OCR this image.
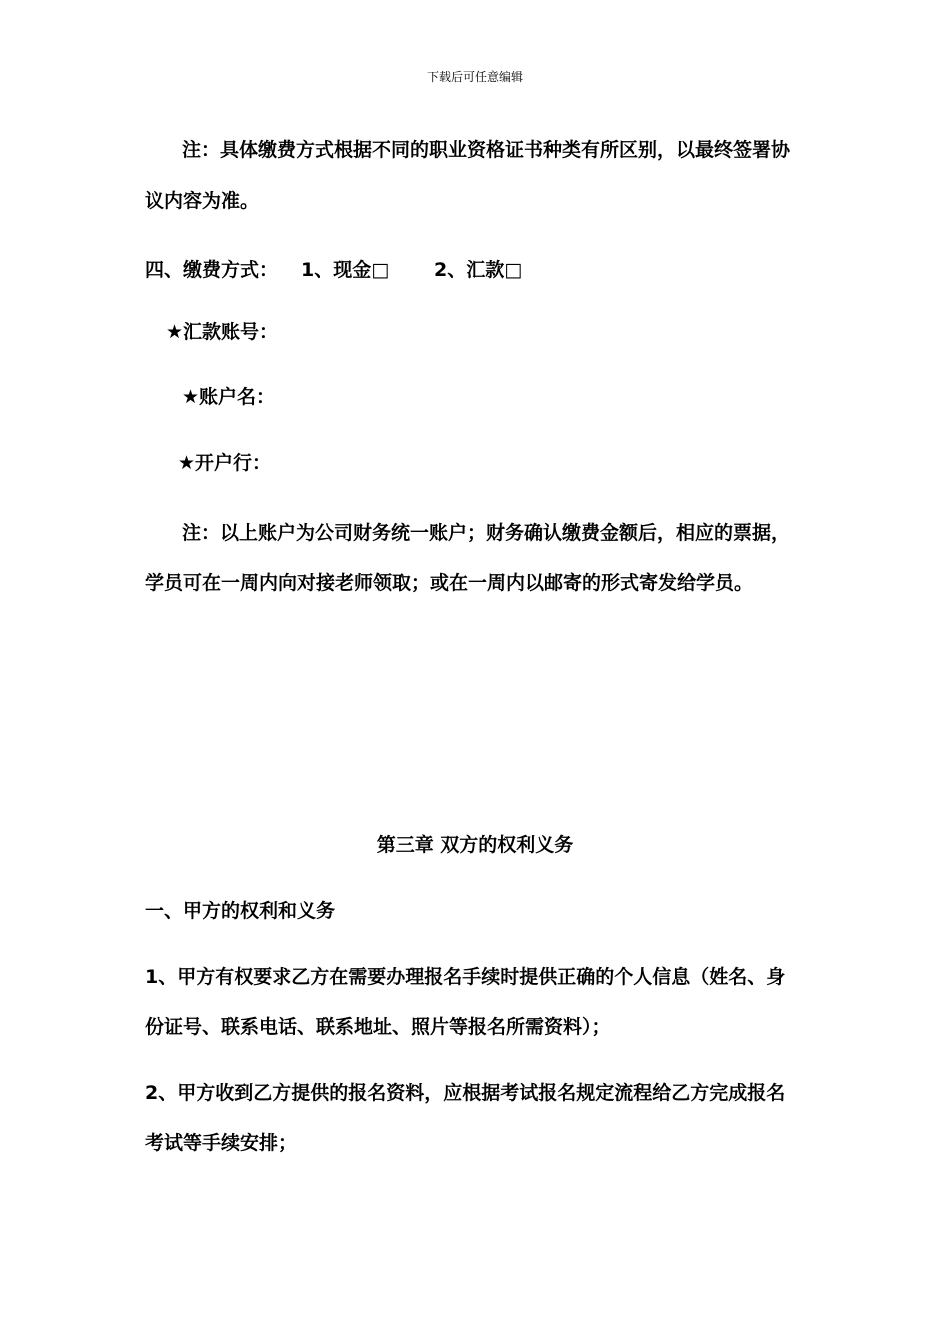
下载后可任意编辑
注：具体缴费方式根据不同的职业资格证书种类有所区别，以最终签署协
议内容为准。
四、缴费方式： 1、现金□ 2、汇款□
★汇款账号：
★账户名：
★开户行：
注：以上账户为公司财务统一账户；财务确认缴费金额后，相应的票据，
学员可在一周内向对接老师领取；或在一周内以邮寄的形式寄发给学员。
第三章 双方的权利义务
一、甲方的权利和义务
1、甲方有权要求乙方在需要办理报名手续时提供正确的个人信息（姓名、身
份证号、联系电话、联系地址、照片等报名所需资料）；
2、甲方收到乙方提供的报名资料，应根据考试报名规定流程给乙方完成报名
考试等手续安排；
